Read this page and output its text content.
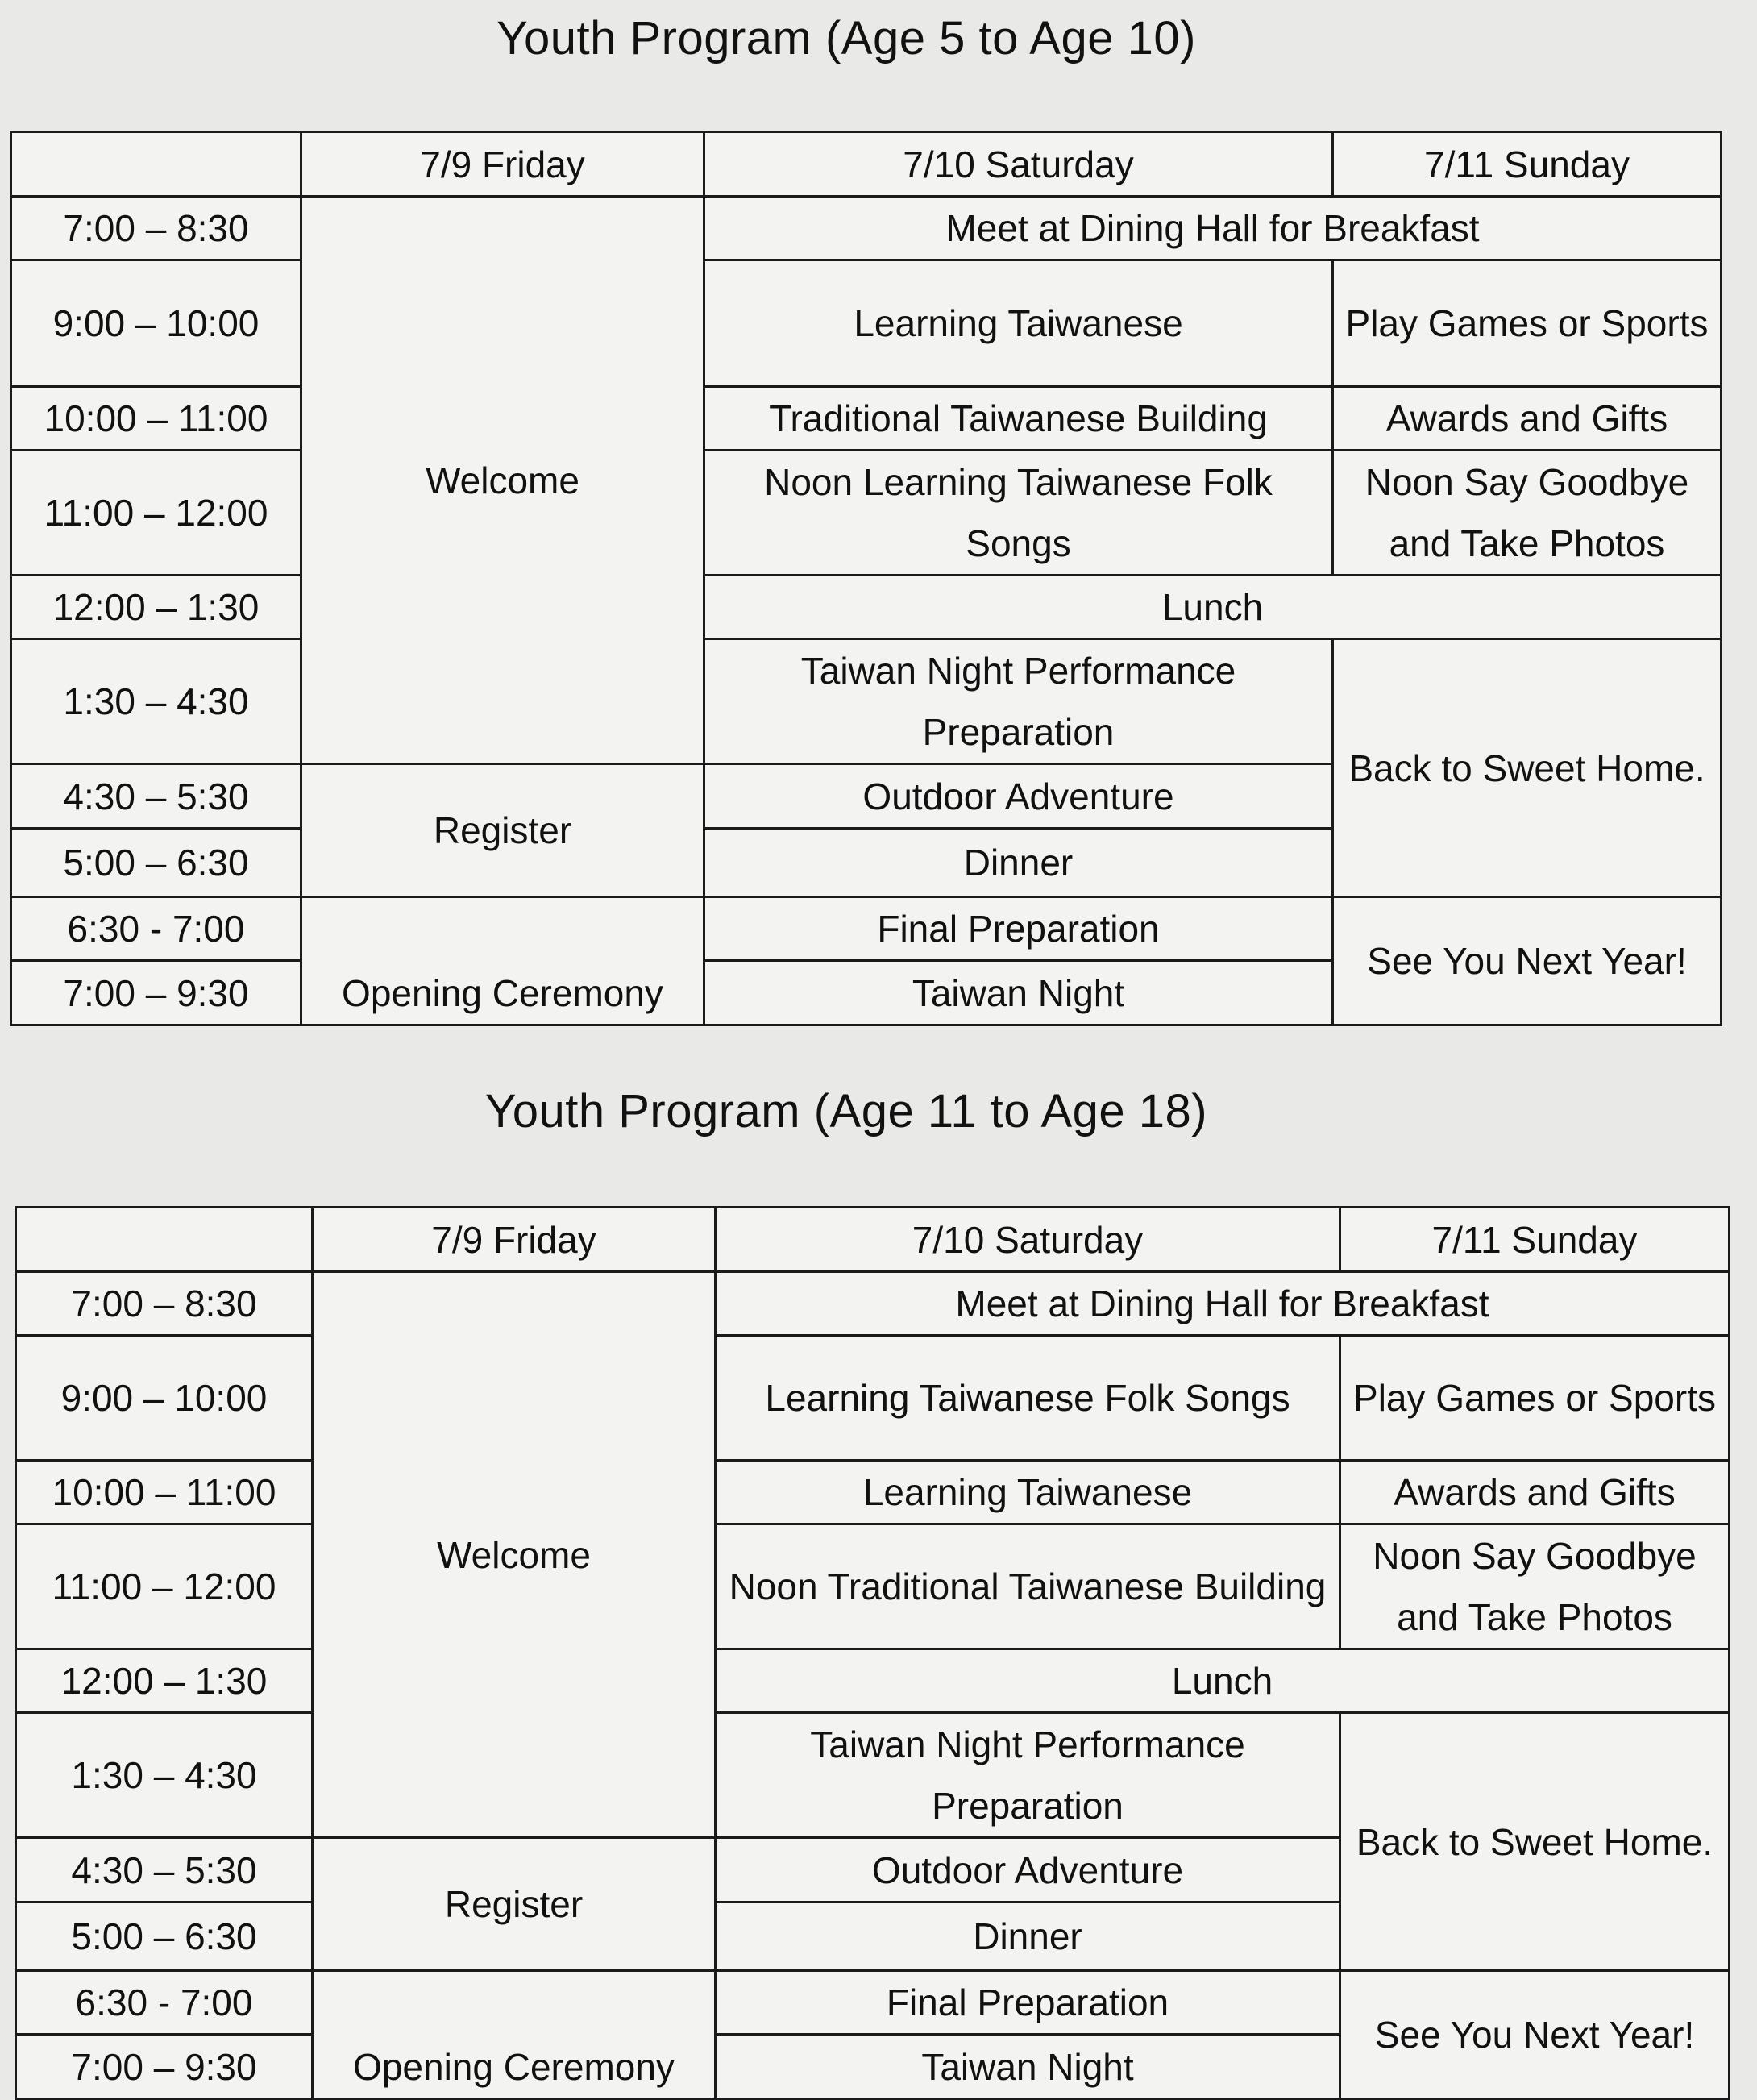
Youth Program (Age 5 to Age 10)
	7/9 Friday	7/10 Saturday	7/11 Sunday
7:00 – 8:30	Welcome	Meet at Dining Hall for Breakfast	
9:00 – 10:00		Learning Taiwanese	Play Games or Sports
10:00 – 11:00		Traditional Taiwanese Building	Awards and Gifts
11:00 – 12:00		Noon Learning Taiwanese Folk Songs	Noon Say Goodbye and Take Photos
12:00 – 1:30		Lunch	
1:30 – 4:30		Taiwan Night Performance Preparation	Back to Sweet Home.
4:30 – 5:30	Register	Outdoor Adventure	
5:00 – 6:30		Dinner	
6:30 - 7:00	Opening Ceremony	Final Preparation	See You Next Year!
7:00 – 9:30		Taiwan Night	
Youth Program (Age 11 to Age 18)
	7/9 Friday	7/10 Saturday	7/11 Sunday
7:00 – 8:30	Welcome	Meet at Dining Hall for Breakfast	
9:00 – 10:00		Learning Taiwanese Folk Songs	Play Games or Sports
10:00 – 11:00		Learning Taiwanese	Awards and Gifts
11:00 – 12:00		Noon Traditional Taiwanese Building	Noon Say Goodbye and Take Photos
12:00 – 1:30		Lunch	
1:30 – 4:30		Taiwan Night Performance Preparation	Back to Sweet Home.
4:30 – 5:30	Register	Outdoor Adventure	
5:00 – 6:30		Dinner	
6:30 - 7:00	Opening Ceremony	Final Preparation	See You Next Year!
7:00 – 9:30		Taiwan Night	
